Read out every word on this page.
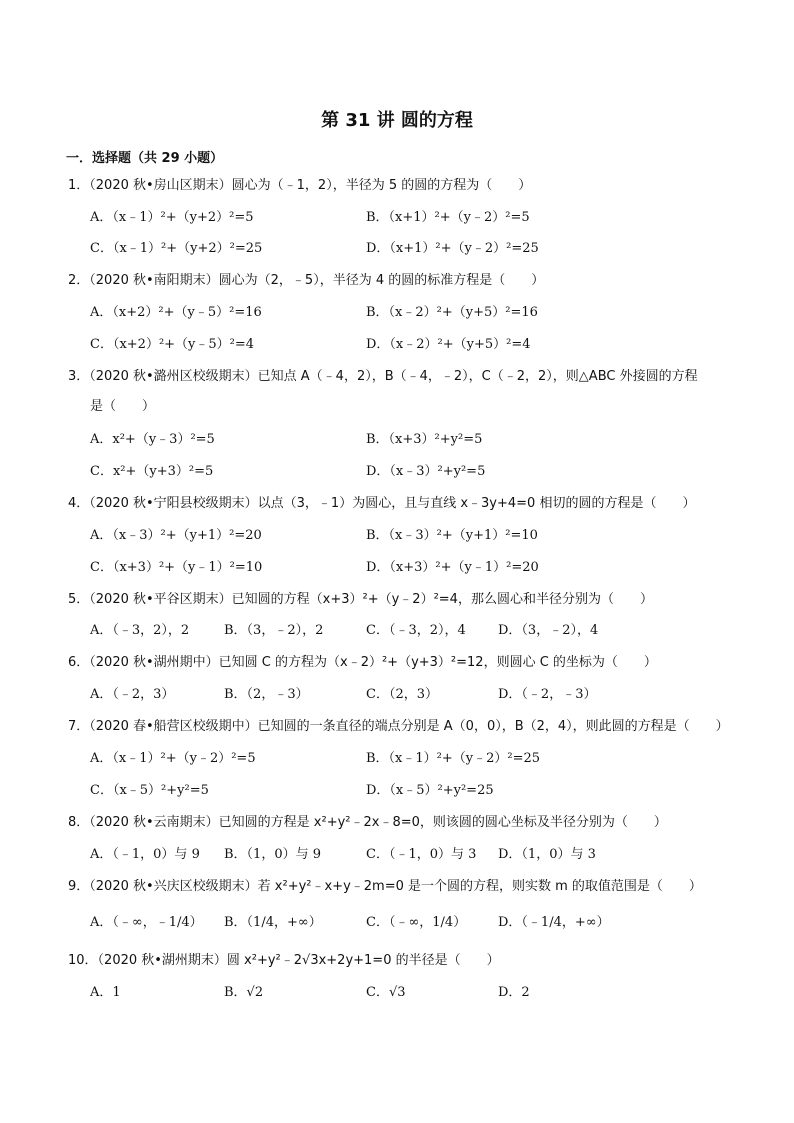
第 31 讲 圆的方程
一．选择题（共 29 小题）
1．（2020 秋•房山区期末）圆心为（﹣1，2），半径为 5 的圆的方程为（　　）
A．（x﹣1）²+（y+2）²=5	B．（x+1）²+（y﹣2）²=5
C．（x﹣1）²+（y+2）²=25	D．（x+1）²+（y﹣2）²=25
2．（2020 秋•南阳期末）圆心为（2，﹣5），半径为 4 的圆的标准方程是（　　）
A．（x+2）²+（y﹣5）²=16	B．（x﹣2）²+（y+5）²=16
C．（x+2）²+（y﹣5）²=4	D．（x﹣2）²+（y+5）²=4
3．（2020 秋•潞州区校级期末）已知点 A（﹣4，2），B（﹣4，﹣2），C（﹣2，2），则△ABC 外接圆的方程
是（　　）
A．x²+（y﹣3）²=5	B．（x+3）²+y²=5
C．x²+（y+3）²=5	D．（x﹣3）²+y²=5
4．（2020 秋•宁阳县校级期末）以点（3，﹣1）为圆心，且与直线 x﹣3y+4=0 相切的圆的方程是（　　）
A．（x﹣3）²+（y+1）²=20	B．（x﹣3）²+（y+1）²=10
C．（x+3）²+（y﹣1）²=10	D．（x+3）²+（y﹣1）²=20
5．（2020 秋•平谷区期末）已知圆的方程（x+3）²+（y﹣2）²=4，那么圆心和半径分别为（　　）
A．（﹣3，2），2	B．（3，﹣2），2	C．（﹣3，2），4 D．（3，﹣2），4
6．（2020 秋•湖州期中）已知圆 C 的方程为（x﹣2）²+（y+3）²=12，则圆心 C 的坐标为（　　）
A．（﹣2，3）	B．（2，﹣3）	C．（2，3）	D．（﹣2，﹣3）
7．（2020 春•船营区校级期中）已知圆的一条直径的端点分别是 A（0，0），B（2，4），则此圆的方程是（　　）
A．（x﹣1）²+（y﹣2）²=5	B．（x﹣1）²+（y﹣2）²=25
C．（x﹣5）²+y²=5	D．（x﹣5）²+y²=25
8．（2020 秋•云南期末）已知圆的方程是 x²+y²﹣2x﹣8=0，则该圆的圆心坐标及半径分别为（　　）
A．（﹣1，0）与 9 B．（1，0）与 9	C．（﹣1，0）与 3 D．（1，0）与 3
9．（2020 秋•兴庆区校级期末）若 x²+y²﹣x+y﹣2m=0 是一个圆的方程，则实数 m 的取值范围是（　　）
A．（﹣∞，﹣1/4） B．（1/4，+∞）	C．（﹣∞，1/4） D．（﹣1/4，+∞）
10．（2020 秋•湖州期末）圆 x²+y²﹣2√3x+2y+1=0 的半径是（　　）
A．1	B．√2	C．√3	D．2
